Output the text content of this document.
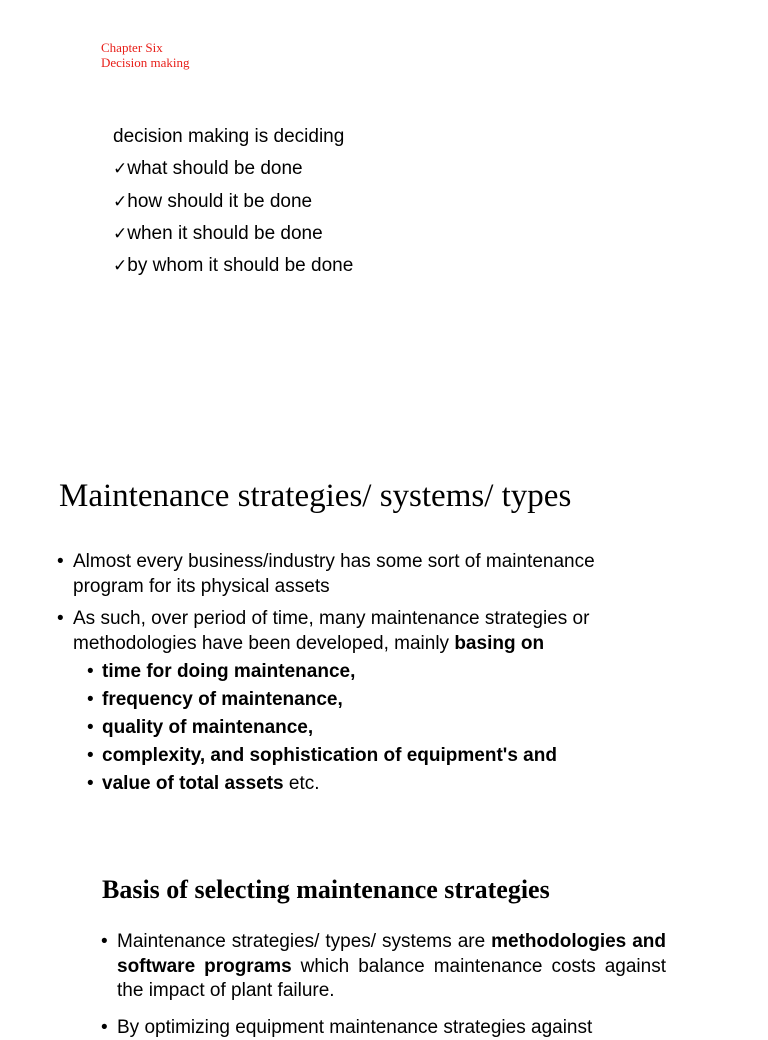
Chapter Six
Decision making
decision making is deciding
✓what should be done
✓how should it be done
✓when it should be done
✓by whom it should be done
Maintenance strategies/ systems/ types
• Almost every business/industry has some sort of maintenance
program for its physical assets
• As such, over period of time, many maintenance strategies or
methodologies have been developed, mainly basing on
• time for doing maintenance,
• frequency of maintenance,
• quality of maintenance,
• complexity, and sophistication of equipment's and
• value of total assets etc.
Basis of selecting maintenance strategies
• Maintenance strategies/ types/ systems are methodologies and software programs which balance maintenance costs against the impact of plant failure.
• By optimizing equipment maintenance strategies against
